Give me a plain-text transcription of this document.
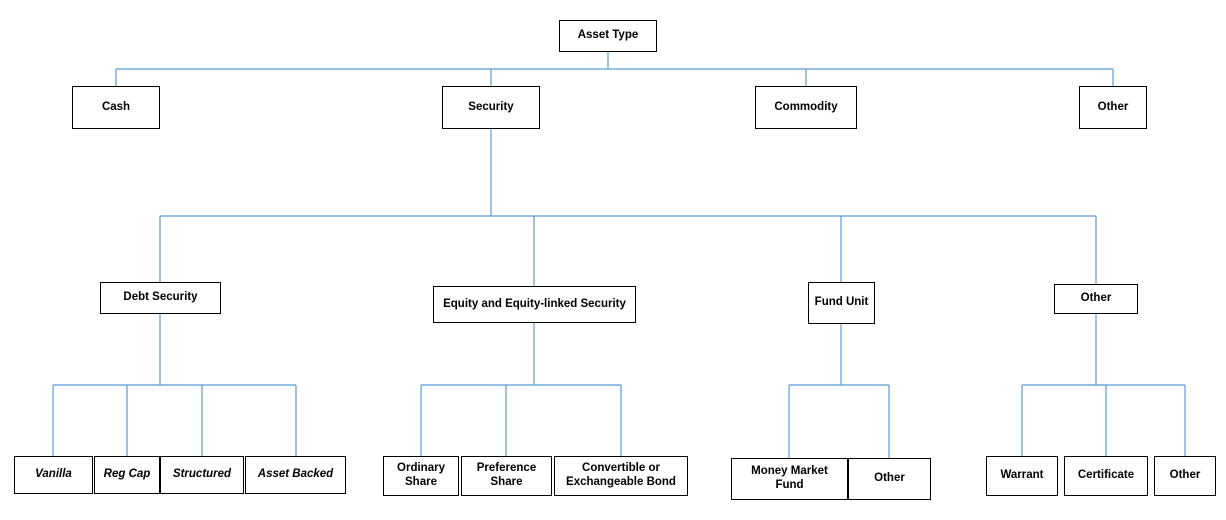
Asset Type
Cash	Security	Commodity	Other
Debt Security
Equity and Equity-linked Security	Fund Unit	Other
Vanilla	Reg Cap Structured Asset Backed	Ordinary Share
Preference Share
Convertible or Exchangeable Bond
Money Market Fund
Other	Warrant	Certificate	Other
